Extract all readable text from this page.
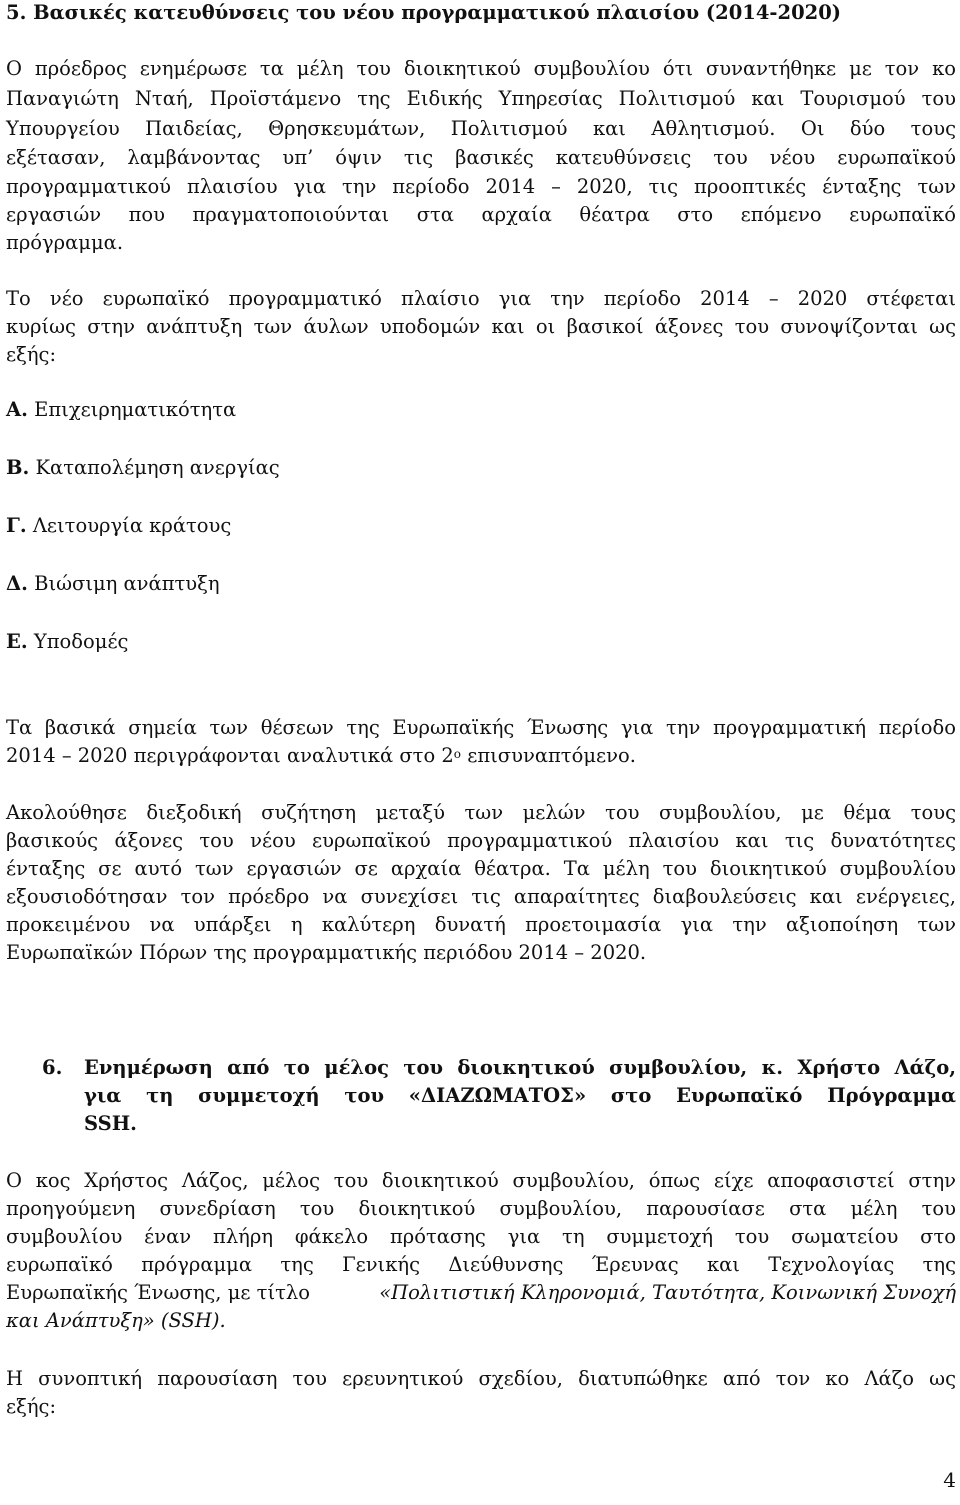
5. Βασικές κατευθύνσεις του νέου προγραμματικού πλαισίου (2014-2020)
Ο πρόεδρος ενημέρωσε τα μέλη του διοικητικού συμβουλίου ότι συναντήθηκε με τον κο
Παναγιώτη Νταή, Προϊστάμενο της Ειδικής Υπηρεσίας Πολιτισμού και Τουρισμού του
Υπουργείου Παιδείας, Θρησκευμάτων, Πολιτισμού και Αθλητισμού. Οι δύο τους
εξέτασαν, λαμβάνοντας υπ’ όψιν τις βασικές κατευθύνσεις του νέου ευρωπαϊκού
προγραμματικού πλαισίου για την περίοδο 2014 – 2020, τις προοπτικές ένταξης των
εργασιών που πραγματοποιούνται στα αρχαία θέατρα στο επόμενο ευρωπαϊκό
πρόγραμμα.
Το νέο ευρωπαϊκό προγραμματικό πλαίσιο για την περίοδο 2014 – 2020 στέφεται
κυρίως στην ανάπτυξη των άυλων υποδομών και οι βασικοί άξονες του συνοψίζονται ως
εξής:
Α. Επιχειρηματικότητα
Β. Καταπολέμηση ανεργίας
Γ. Λειτουργία κράτους
Δ. Βιώσιμη ανάπτυξη
Ε. Υποδομές
Τα βασικά σημεία των θέσεων της Ευρωπαϊκής Ένωσης για την προγραμματική περίοδο
2014 – 2020 περιγράφονται αναλυτικά στο $2^o$ επισυναπτόμενο.
Ακολούθησε διεξοδική συζήτηση μεταξύ των μελών του συμβουλίου, με θέμα τους
βασικούς άξονες του νέου ευρωπαϊκού προγραμματικού πλαισίου και τις δυνατότητες
ένταξης σε αυτό των εργασιών σε αρχαία θέατρα. Τα μέλη του διοικητικού συμβουλίου
εξουσιοδότησαν τον πρόεδρο να συνεχίσει τις απαραίτητες διαβουλεύσεις και ενέργειες,
προκειμένου να υπάρξει η καλύτερη δυνατή προετοιμασία για την αξιοποίηση των
Ευρωπαϊκών Πόρων της προγραμματικής περιόδου 2014 – 2020.
6. Ενημέρωση από το μέλος του διοικητικού συμβουλίου, κ. Χρήστο Λάζο,
για τη συμμετοχή του «ΔΙΑΖΩΜΑΤΟΣ» στο Ευρωπαϊκό Πρόγραμμα
SSH.
Ο κος Χρήστος Λάζος, μέλος του διοικητικού συμβουλίου, όπως είχε αποφασιστεί στην
προηγούμενη συνεδρίαση του διοικητικού συμβουλίου, παρουσίασε στα μέλη του
συμβουλίου έναν πλήρη φάκελο πρότασης για τη συμμετοχή του σωματείου στο
ευρωπαϊκό πρόγραμμα της Γενικής Διεύθυνσης Έρευνας και Τεχνολογίας της
Ευρωπαϊκής Ένωσης, με τίτλο	«Πολιτιστική Κληρονομιά, Ταυτότητα, Κοινωνική Συνοχή
και Ανάπτυξη» (SSH).
Η συνοπτική παρουσίαση του ερευνητικού σχεδίου, διατυπώθηκε από τον κο Λάζο ως
εξής:
4
